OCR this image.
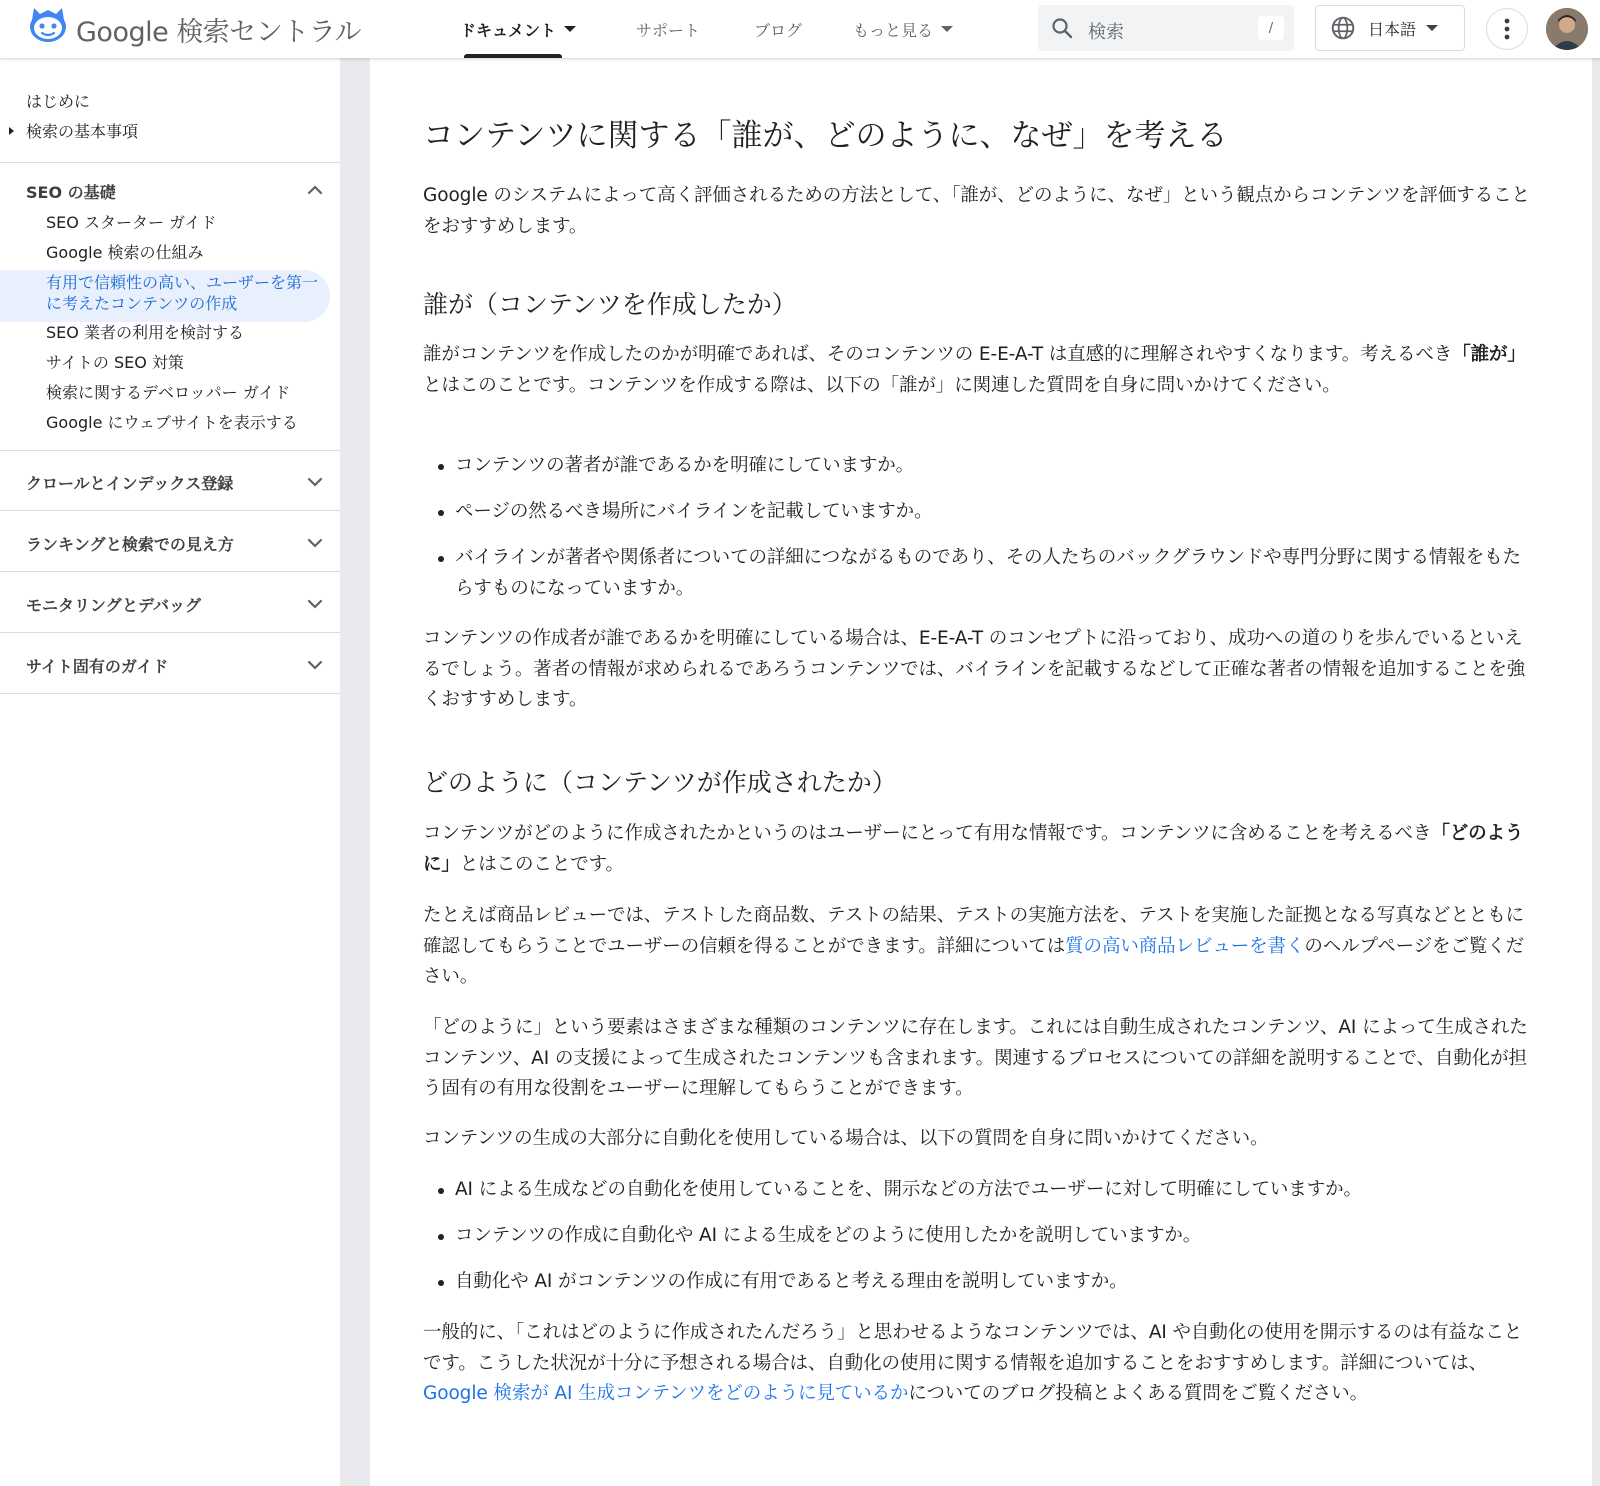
Google 検索セントラル	ドキュメント	サポート	ブログ	もっと見る	検索	/	日本語
はじめに
検索の基本事項
SEO の基礎
SEO スターター ガイド
Google 検索の仕組み
有用で信頼性の高い、ユーザーを第一に考えたコンテンツの作成
SEO 業者の利用を検討する
サイトの SEO 対策
検索に関するデベロッパー ガイド
Google にウェブサイトを表示する
クロールとインデックス登録
ランキングと検索での見え方
モニタリングとデバッグ
サイト固有のガイド
コンテンツに関する「誰が、どのように、なぜ」を考える

Google のシステムによって高く評価されるための方法として、「誰が、どのように、なぜ」という観点からコンテンツを評価することをおすすめします。

誰が（コンテンツを作成したか）

誰がコンテンツを作成したのかが明確であれば、そのコンテンツの E-E-A-T は直感的に理解されやすくなります。考えるべき「誰が」とはこのことです。コンテンツを作成する際は、以下の「誰が」に関連した質問を自身に問いかけてください。

コンテンツの著者が誰であるかを明確にしていますか。
ページの然るべき場所にバイラインを記載していますか。
バイラインが著者や関係者についての詳細につながるものであり、その人たちのバックグラウンドや専門分野に関する情報をもたらすものになっていますか。

コンテンツの作成者が誰であるかを明確にしている場合は、E-E-A-T のコンセプトに沿っており、成功への道のりを歩んでいるといえるでしょう。著者の情報が求められるであろうコンテンツでは、バイラインを記載するなどして正確な著者の情報を追加することを強くおすすめします。

どのように（コンテンツが作成されたか）

コンテンツがどのように作成されたかというのはユーザーにとって有用な情報です。コンテンツに含めることを考えるべき「どのように」とはこのことです。

たとえば商品レビューでは、テストした商品数、テストの結果、テストの実施方法を、テストを実施した証拠となる写真などとともに確認してもらうことでユーザーの信頼を得ることができます。詳細については質の高い商品レビューを書くのヘルプページをご覧ください。

「どのように」という要素はさまざまな種類のコンテンツに存在します。これには自動生成されたコンテンツ、AI によって生成されたコンテンツ、AI の支援によって生成されたコンテンツも含まれます。関連するプロセスについての詳細を説明することで、自動化が担う固有の有用な役割をユーザーに理解してもらうことができます。

コンテンツの生成の大部分に自動化を使用している場合は、以下の質問を自身に問いかけてください。

AI による生成などの自動化を使用していることを、開示などの方法でユーザーに対して明確にしていますか。
コンテンツの作成に自動化や AI による生成をどのように使用したかを説明していますか。
自動化や AI がコンテンツの作成に有用であると考える理由を説明していますか。

一般的に、「これはどのように作成されたんだろう」と思わせるようなコンテンツでは、AI や自動化の使用を開示するのは有益なことです。こうした状況が十分に予想される場合は、自動化の使用に関する情報を追加することをおすすめします。詳細については、Google 検索が AI 生成コンテンツをどのように見ているかについてのブログ投稿とよくある質問をご覧ください。
